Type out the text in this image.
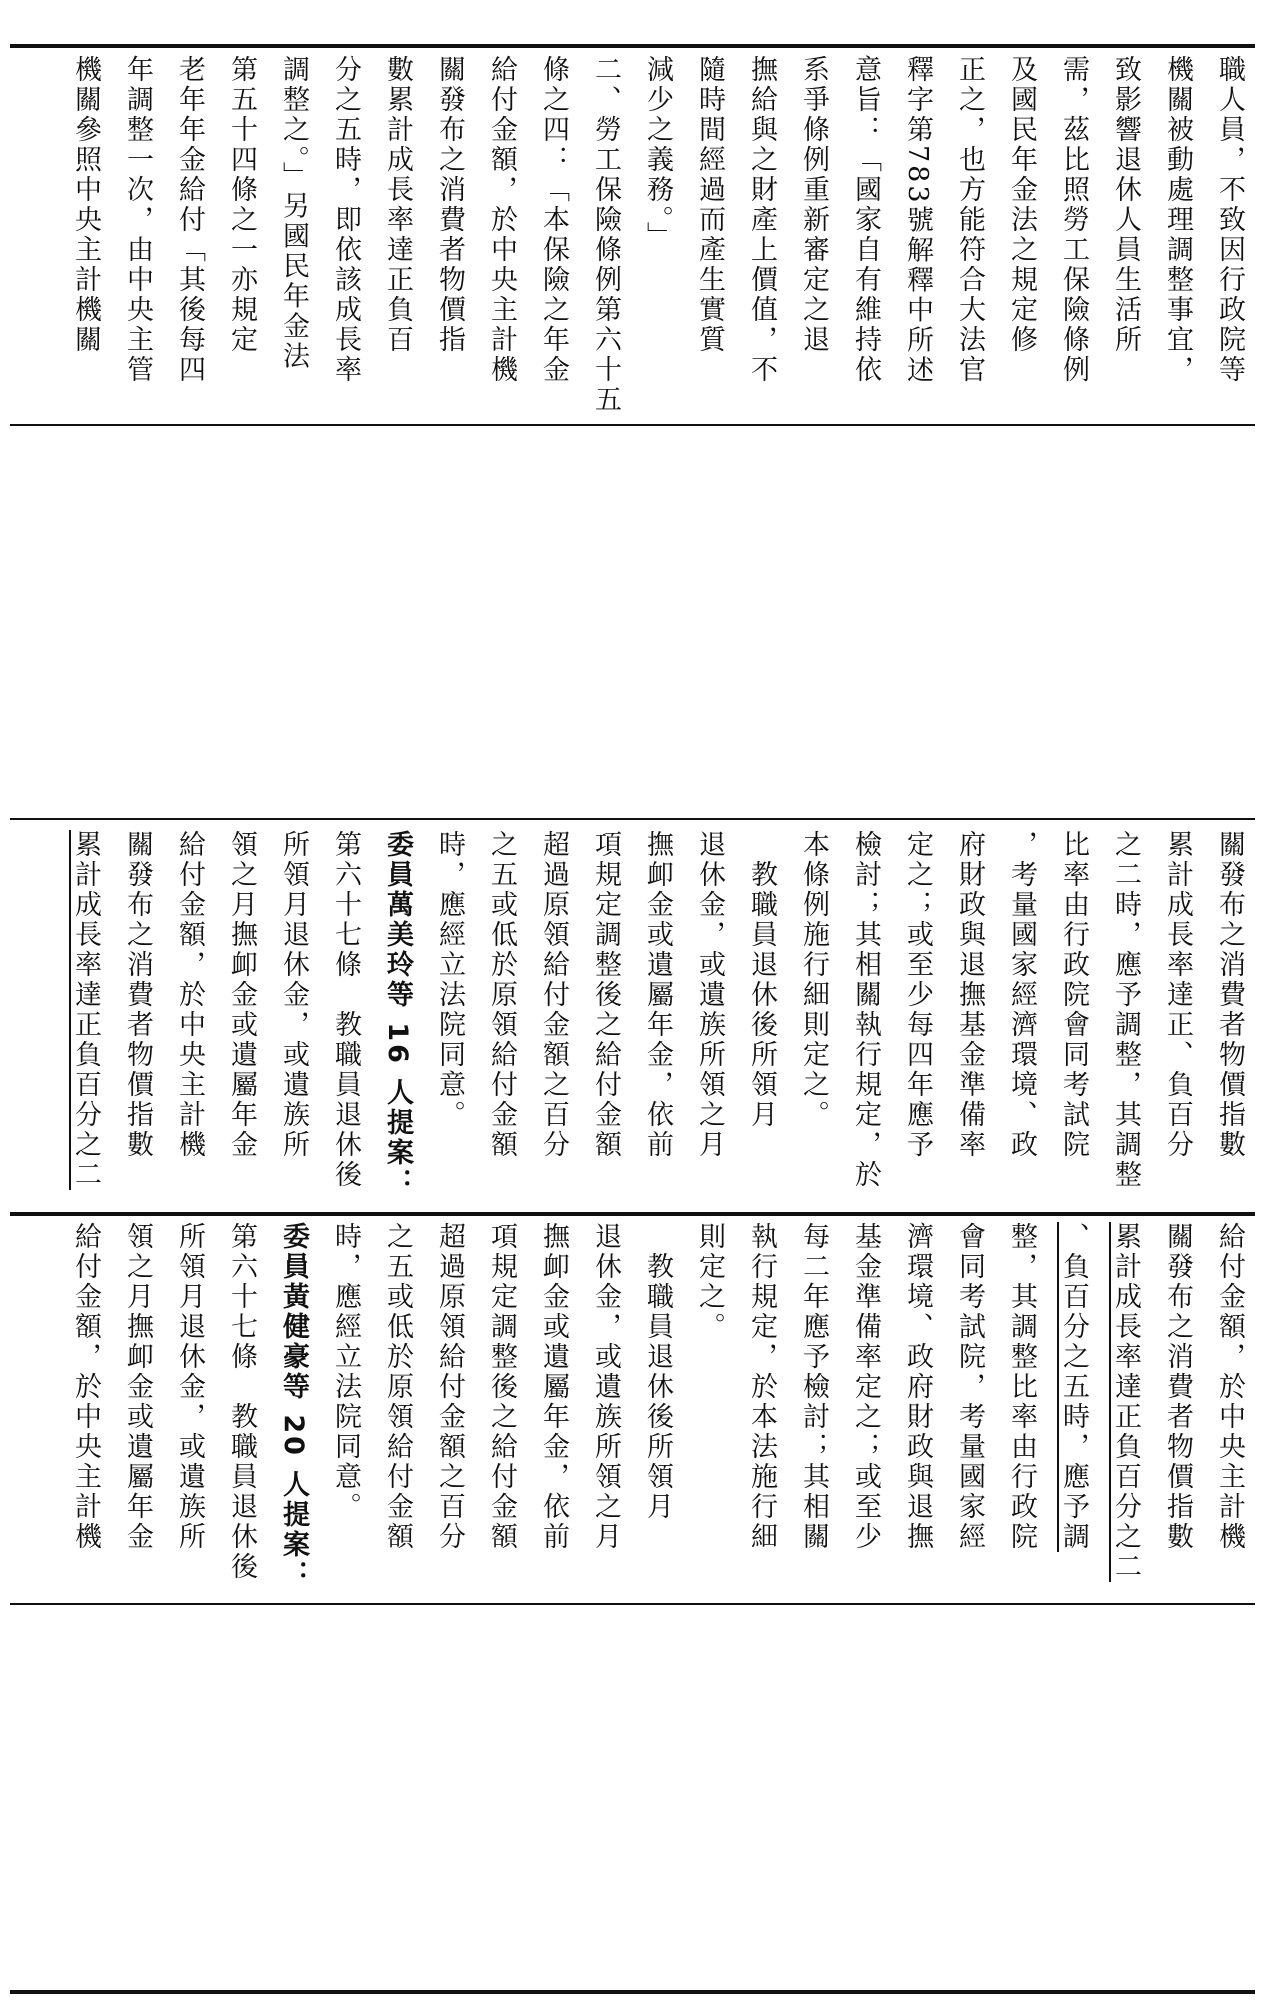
職人員，不致因行政院等

機關被動處理調整事宜，

致影響退休人員生活所

需，茲比照勞工保險條例

及國民年金法之規定修

正之，也方能符合大法官

釋字第783號解釋中所述

意旨：「國家自有維持依

系爭條例重新審定之退

撫給與之財產上價值，不

隨時間經過而產生實質

減少之義務。」

二、勞工保險條例第六十五

條之四：「本保險之年金

給付金額，於中央主計機

關發布之消費者物價指

數累計成長率達正負百

分之五時，即依該成長率

調整之。」另國民年金法

第五十四條之一亦規定

老年年金給付「其後每四

年調整一次，由中央主管

機關參照中央主計機關

關發布之消費者物價指數

累計成長率達正、負百分

之二時，應予調整，其調整

比率由行政院會同考試院

，考量國家經濟環境、政

府財政與退撫基金準備率

定之；或至少每四年應予

檢討；其相關執行規定，於

本條例施行細則定之。

　教職員退休後所領月

退休金，或遺族所領之月

撫卹金或遺屬年金，依前

項規定調整後之給付金額

超過原領給付金額之百分

之五或低於原領給付金額

時，應經立法院同意。

委員萬美玲等 16 人提案：

第六十七條　教職員退休後

所領月退休金，或遺族所

領之月撫卹金或遺屬年金

給付金額，於中央主計機

關發布之消費者物價指數

累計成長率達正負百分之二

給付金額，於中央主計機

關發布之消費者物價指數

累計成長率達正負百分之二

、負百分之五時，應予調

整，其調整比率由行政院

會同考試院，考量國家經

濟環境、政府財政與退撫

基金準備率定之；或至少

每二年應予檢討；其相關

執行規定，於本法施行細

則定之。

　教職員退休後所領月

退休金，或遺族所領之月

撫卹金或遺屬年金，依前

項規定調整後之給付金額

超過原領給付金額之百分

之五或低於原領給付金額

時，應經立法院同意。

委員黃健豪等 20 人提案：

第六十七條　教職員退休後

所領月退休金，或遺族所

領之月撫卹金或遺屬年金

給付金額，於中央主計機
